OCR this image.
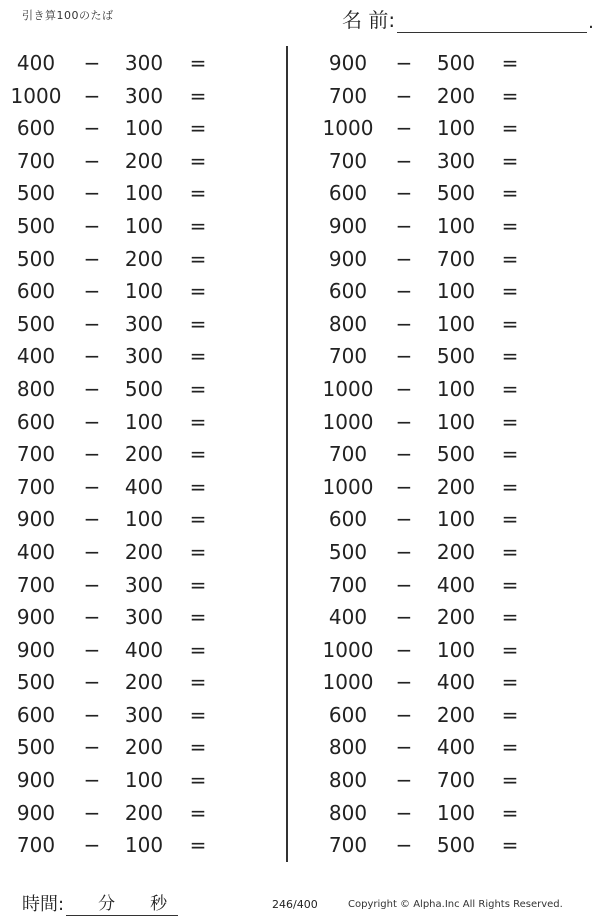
引き算100のたば	名 前:	.
400	−	300	=
1000	−	300	=
600	−	100	=
700	−	200	=
500	−	100	=
500	−	100	=
500	−	200	=
600	−	100	=
500	−	300	=
400	−	300	=
800	−	500	=
600	−	100	=
700	−	200	=
700	−	400	=
900	−	100	=
400	−	200	=
700	−	300	=
900	−	300	=
900	−	400	=
500	−	200	=
600	−	300	=
500	−	200	=
900	−	100	=
900	−	200	=
700	−	100	=
900	−	500	=
700	−	200	=
1000	−	100	=
700	−	300	=
600	−	500	=
900	−	100	=
900	−	700	=
600	−	100	=
800	−	100	=
700	−	500	=
1000	−	100	=
1000	−	100	=
700	−	500	=
1000	−	200	=
600	−	100	=
500	−	200	=
700	−	400	=
400	−	200	=
1000	−	100	=
1000	−	400	=
600	−	200	=
800	−	400	=
800	−	700	=
800	−	100	=
700	−	500	=
時間: 分 秒	246/400	Copyright © Alpha.Inc All Rights Reserved.
